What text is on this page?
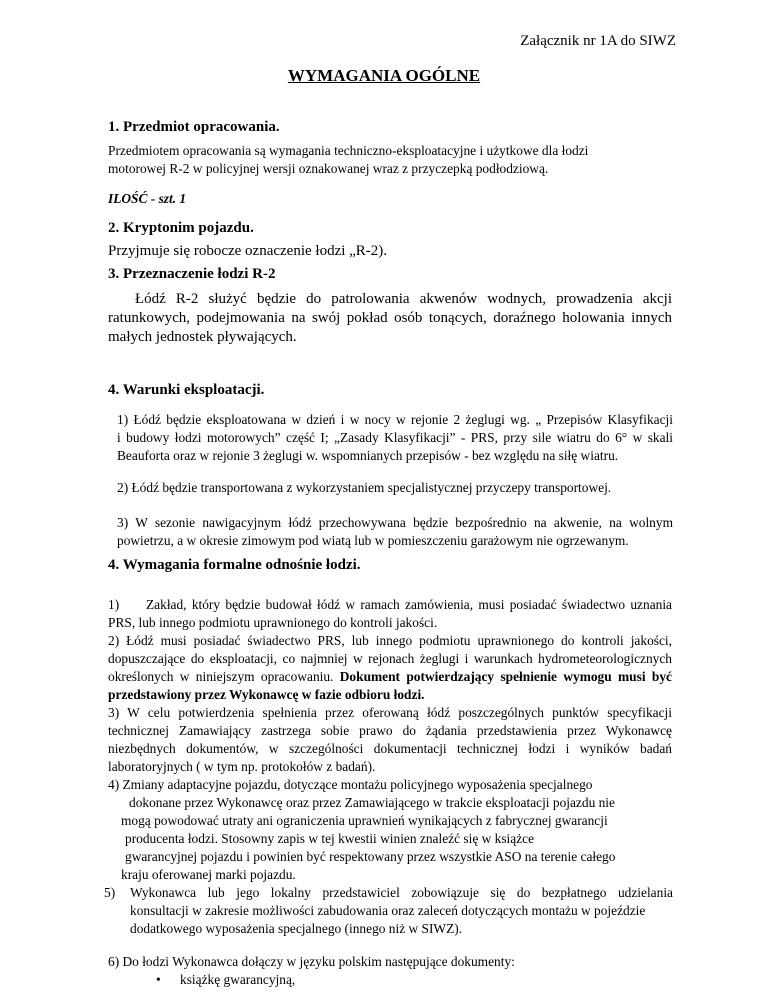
Załącznik nr 1A do SIWZ
WYMAGANIA OGÓLNE
1. Przedmiot opracowania.
Przedmiotem opracowania są wymagania techniczno-eksploatacyjne i użytkowe dla łodzi
motorowej R-2 w policyjnej wersji oznakowanej wraz z przyczepką podłodziową.
ILOŚĆ - szt. 1
2. Kryptonim pojazdu.
Przyjmuje się robocze oznaczenie łodzi „R-2).
3. Przeznaczenie łodzi R-2
Łódź R-2 służyć będzie do patrolowania akwenów wodnych, prowadzenia akcji
ratunkowych, podejmowania na swój pokład osób tonących, doraźnego holowania innych
małych jednostek pływających.
4. Warunki eksploatacji.
1) Łódź będzie eksploatowana w dzień i w nocy w rejonie 2 żeglugi wg. „ Przepisów Klasyfikacji
i budowy łodzi motorowych” część I; „Zasady Klasyfikacji” - PRS, przy sile wiatru do 6° w skali
Beauforta oraz w rejonie 3 żeglugi w. wspomnianych przepisów - bez względu na siłę wiatru.
2) Łódź będzie transportowana z wykorzystaniem specjalistycznej przyczepy transportowej.
3) W sezonie nawigacyjnym łódź przechowywana będzie bezpośrednio na akwenie, na wolnym
powietrzu, a w okresie zimowym pod wiatą lub w pomieszczeniu garażowym nie ogrzewanym.
4. Wymagania formalne odnośnie łodzi.
1) Zakład, który będzie budował łódź w ramach zamówienia, musi posiadać świadectwo uznania
PRS, lub innego podmiotu uprawnionego do kontroli jakości.
2) Łódź musi posiadać świadectwo PRS, lub innego podmiotu uprawnionego do kontroli jakości,
dopuszczające do eksploatacji, co najmniej w rejonach żeglugi i warunkach hydrometeorologicznych
określonych w niniejszym opracowaniu. Dokument potwierdzający spełnienie wymogu musi być
przedstawiony przez Wykonawcę w fazie odbioru łodzi.
3) W celu potwierdzenia spełnienia przez oferowaną łódź poszczególnych punktów specyfikacji
technicznej Zamawiający zastrzega sobie prawo do żądania przedstawienia przez Wykonawcę
niezbędnych dokumentów, w szczególności dokumentacji technicznej łodzi i wyników badań
laboratoryjnych ( w tym np. protokołów z badań).
4) Zmiany adaptacyjne pojazdu, dotyczące montażu policyjnego wyposażenia specjalnego
dokonane przez Wykonawcę oraz przez Zamawiającego w trakcie eksploatacji pojazdu nie
mogą powodować utraty ani ograniczenia uprawnień wynikających z fabrycznej gwarancji
producenta łodzi. Stosowny zapis w tej kwestii winien znaleźć się w książce
gwarancyjnej pojazdu i powinien być respektowany przez wszystkie ASO na terenie całego
kraju oferowanej marki pojazdu.
5) Wykonawca lub jego lokalny przedstawiciel zobowiązuje się do bezpłatnego udzielania
konsultacji w zakresie możliwości zabudowania oraz zaleceń dotyczących montażu w pojeździe
dodatkowego wyposażenia specjalnego (innego niż w SIWZ).
6) Do łodzi Wykonawca dołączy w języku polskim następujące dokumenty:
• książkę gwarancyjną,
